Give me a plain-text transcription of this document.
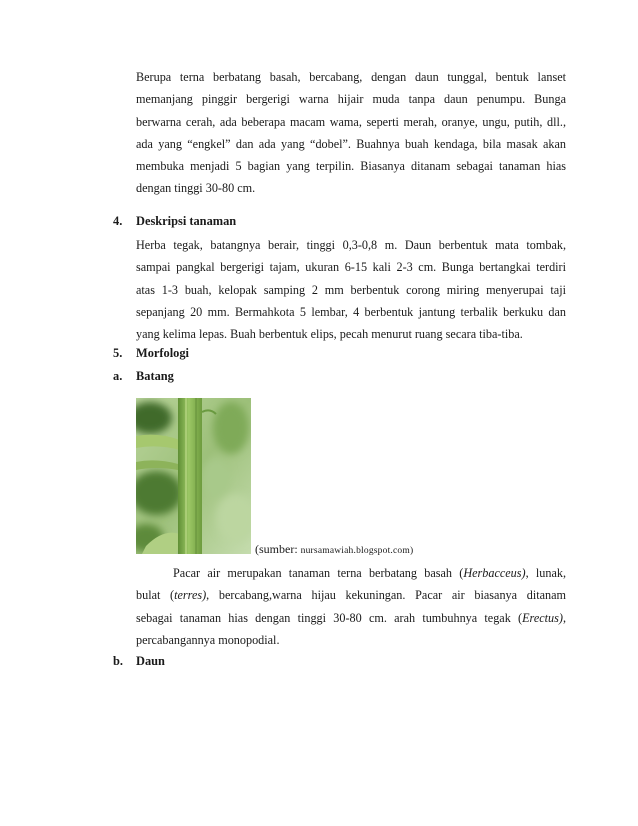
Berupa terna berbatang basah, bercabang, dengan daun tunggal, bentuk lanset
memanjang pinggir bergerigi warna hijair muda tanpa daun penumpu. Bunga
berwarna cerah, ada beberapa macam wama, seperti merah, oranye, ungu, putih, dll.,
ada yang “engkel” dan ada yang “dobel”. Buahnya buah kendaga, bila masak akan
membuka menjadi 5 bagian yang terpilin. Biasanya ditanam sebagai tanaman hias
dengan tinggi 30-80 cm.
4. Deskripsi tanaman
Herba tegak, batangnya berair, tinggi 0,3-0,8 m. Daun berbentuk mata tombak,
sampai pangkal bergerigi tajam, ukuran 6-15 kali 2-3 cm. Bunga bertangkai terdiri
atas 1-3 buah, kelopak samping 2 mm berbentuk corong miring menyerupai taji
sepanjang 20 mm. Bermahkota 5 lembar, 4 berbentuk jantung terbalik berkuku dan
yang kelima lepas. Buah berbentuk elips, pecah menurut ruang secara tiba-tiba.
5. Morfologi
a. Batang
(sumber: nursamawiah.blogspot.com)
Pacar air merupakan tanaman terna berbatang basah (Herbacceus), lunak,
bulat (terres), bercabang,warna hijau kekuningan. Pacar air biasanya ditanam
sebagai tanaman hias dengan tinggi 30-80 cm. arah tumbuhnya tegak (Erectus),
percabangannya monopodial.
b. Daun
